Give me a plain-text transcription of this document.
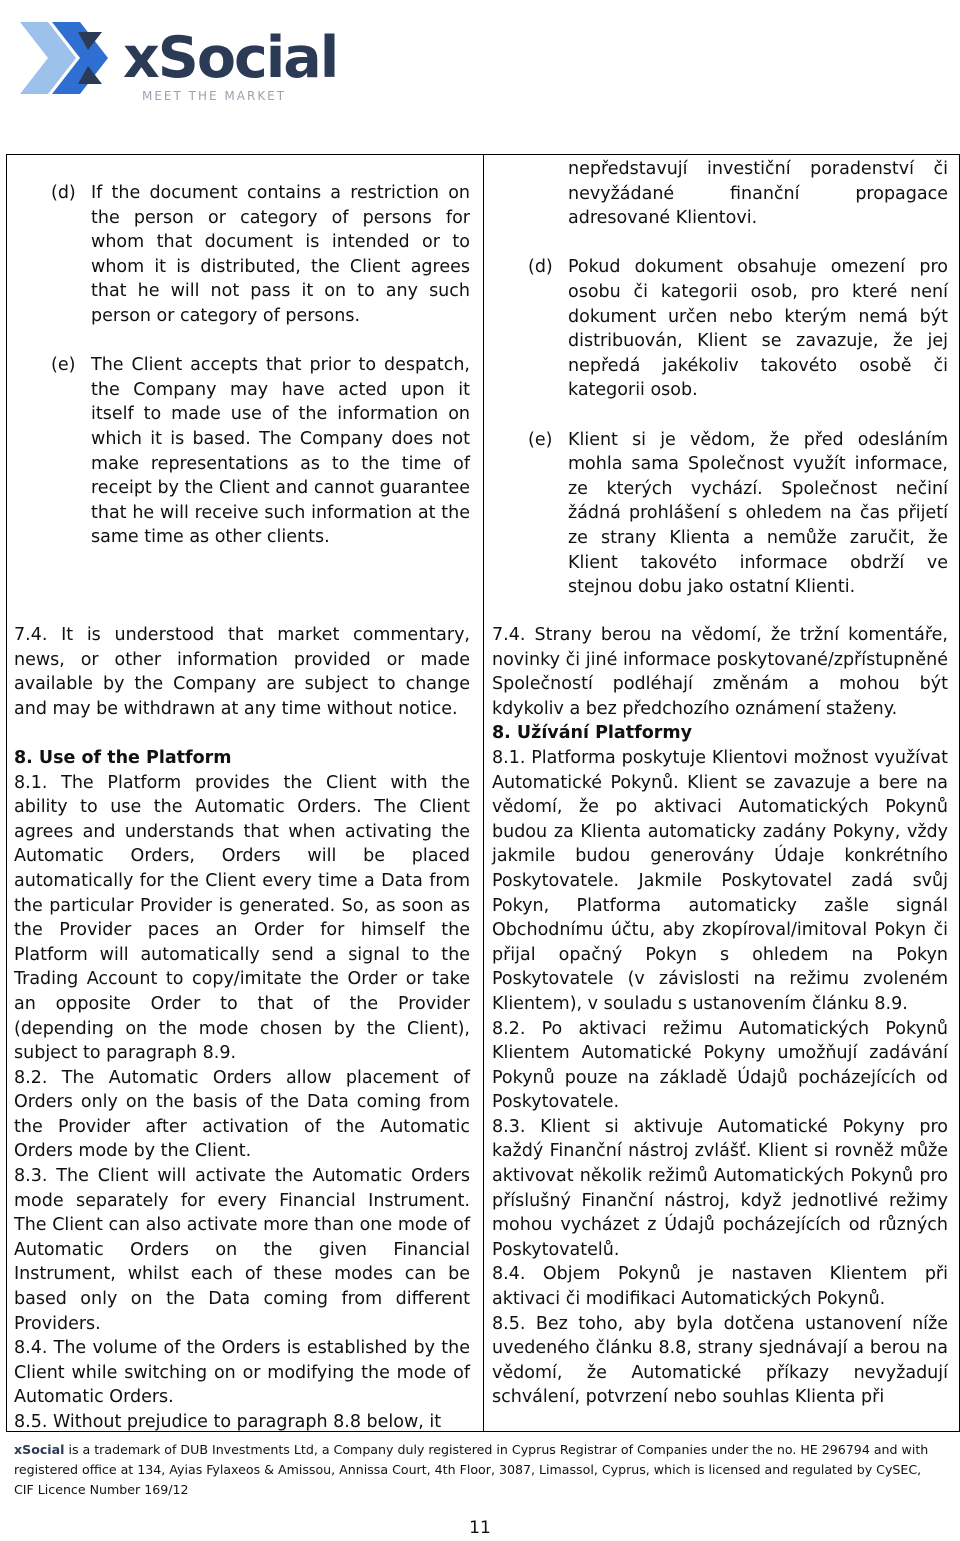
xSocial
MEET THE MARKET
(d) If the document contains a restriction on the person or category of persons for whom that document is intended or to whom it is distributed, the Client agrees that he will not pass it on to any such person or category of persons.

(e) The Client accepts that prior to despatch, the Company may have acted upon it itself to made use of the information on which it is based. The Company does not make representations as to the time of receipt by the Client and cannot guarantee that he will receive such information at the same time as other clients.

7.4. It is understood that market commentary, news, or other information provided or made available by the Company are subject to change and may be withdrawn at any time without notice.

8. Use of the Platform

8.1. The Platform provides the Client with the ability to use the Automatic Orders. The Client agrees and understands that when activating the Automatic Orders, Orders will be placed automatically for the Client every time a Data from the particular Provider is generated. So, as soon as the Provider paces an Order for himself the Platform will automatically send a signal to the Trading Account to copy/imitate the Order or take an opposite Order to that of the Provider (depending on the mode chosen by the Client), subject to paragraph 8.9.

8.2. The Automatic Orders allow placement of Orders only on the basis of the Data coming from the Provider after activation of the Automatic Orders mode by the Client.

8.3. The Client will activate the Automatic Orders mode separately for every Financial Instrument. The Client can also activate more than one mode of Automatic Orders on the given Financial Instrument, whilst each of these modes can be based only on the Data coming from different Providers.

8.4. The volume of the Orders is established by the Client while switching on or modifying the mode of Automatic Orders.

8.5. Without prejudice to paragraph 8.8 below, it

nepředstavují investiční poradenství či nevyžádané finanční propagace adresované Klientovi.

(d) Pokud dokument obsahuje omezení pro osobu či kategorii osob, pro které není dokument určen nebo kterým nemá být distribuován, Klient se zavazuje, že jej nepředá jakékoliv takovéto osobě či kategorii osob.

(e) Klient si je vědom, že před odesláním mohla sama Společnost využít informace, ze kterých vychází. Společnost nečiní žádná prohlášení s ohledem na čas přijetí ze strany Klienta a nemůže zaručit, že Klient takovéto informace obdrží ve stejnou dobu jako ostatní Klienti.

7.4. Strany berou na vědomí, že tržní komentáře, novinky či jiné informace poskytované/zpřístupněné Společností podléhají změnám a mohou být kdykoliv a bez předchozího oznámení staženy.

8. Užívání Platformy

8.1. Platforma poskytuje Klientovi možnost využívat Automatické Pokynů. Klient se zavazuje a bere na vědomí, že po aktivaci Automatických Pokynů budou za Klienta automaticky zadány Pokyny, vždy jakmile budou generovány Údaje konkrétního Poskytovatele. Jakmile Poskytovatel zadá svůj Pokyn, Platforma automaticky zašle signál Obchodnímu účtu, aby zkopíroval/imitoval Pokyn či přijal opačný Pokyn s ohledem na Pokyn Poskytovatele (v závislosti na režimu zvoleném Klientem), v souladu s ustanovením článku 8.9.

8.2. Po aktivaci režimu Automatických Pokynů Klientem Automatické Pokyny umožňují zadávání Pokynů pouze na základě Údajů pocházejících od Poskytovatele.

8.3. Klient si aktivuje Automatické Pokyny pro každý Finanční nástroj zvlášť. Klient si rovněž může aktivovat několik režimů Automatických Pokynů pro příslušný Finanční nástroj, když jednotlivé režimy mohou vycházet z Údajů pocházejících od různých Poskytovatelů.

8.4. Objem Pokynů je nastaven Klientem při aktivaci či modifikaci Automatických Pokynů.

8.5. Bez toho, aby byla dotčena ustanovení níže uvedeného článku 8.8, strany sjednávají a berou na vědomí, že Automatické příkazy nevyžadují schválení, potvrzení nebo souhlas Klienta při

xSocial is a trademark of DUB Investments Ltd, a Company duly registered in Cyprus Registrar of Companies under the no. HE 296794 and with registered office at 134, Ayias Fylaxeos & Amissou, Annissa Court, 4th Floor, 3087, Limassol, Cyprus, which is licensed and regulated by CySEC, CIF Licence Number 169/12
11
